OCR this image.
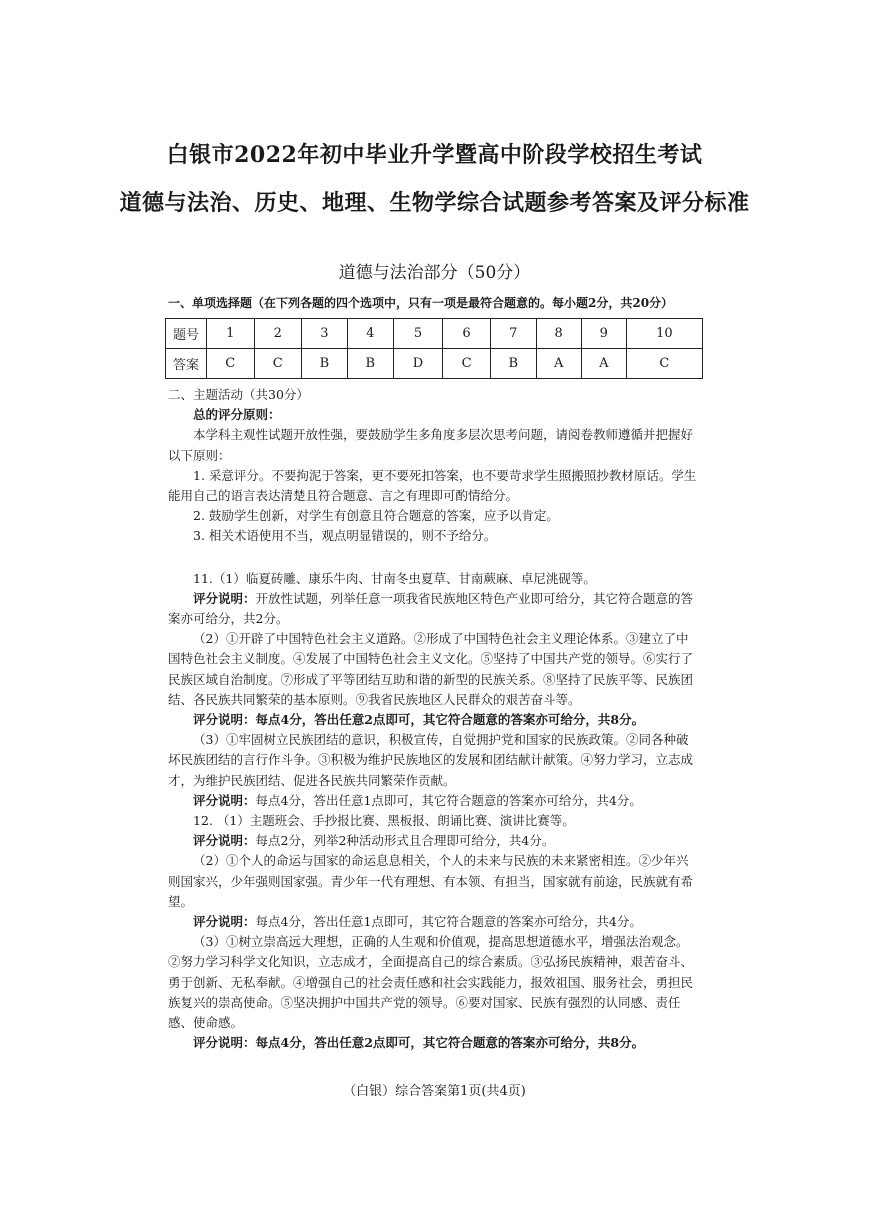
白银市2022年初中毕业升学暨高中阶段学校招生考试
道德与法治、历史、地理、生物学综合试题参考答案及评分标准
道德与法治部分（50分）
一、单项选择题（在下列各题的四个选项中，只有一项是最符合题意的。每小题2分，共20分）
题号	1	2	3	4	5	6	7	8	9	10
答案	C	C	B	B	D	C	B	A	A	C

二、主题活动（共30分）

总的评分原则：

本学科主观性试题开放性强，要鼓励学生多角度多层次思考问题，请阅卷教师遵循并把握好以下原则：

1. 采意评分。不要拘泥于答案，更不要死扣答案，也不要苛求学生照搬照抄教材原话。学生能用自己的语言表达清楚且符合题意、言之有理即可酌情给分。

2. 鼓励学生创新，对学生有创意且符合题意的答案，应予以肯定。

3. 相关术语使用不当，观点明显错误的，则不予给分。

11.（1）临夏砖雕、康乐牛肉、甘南冬虫夏草、甘南蕨麻、卓尼洮砚等。

评分说明：开放性试题，列举任意一项我省民族地区特色产业即可给分，其它符合题意的答案亦可给分，共2分。

（2）①开辟了中国特色社会主义道路。②形成了中国特色社会主义理论体系。③建立了中国特色社会主义制度。④发展了中国特色社会主义文化。⑤坚持了中国共产党的领导。⑥实行了民族区域自治制度。⑦形成了平等团结互助和谐的新型的民族关系。⑧坚持了民族平等、民族团结、各民族共同繁荣的基本原则。⑨我省民族地区人民群众的艰苦奋斗等。

评分说明：每点4分，答出任意2点即可，其它符合题意的答案亦可给分，共8分。

（3）①牢固树立民族团结的意识，积极宣传，自觉拥护党和国家的民族政策。②同各种破坏民族团结的言行作斗争。③积极为维护民族地区的发展和团结献计献策。④努力学习，立志成才，为维护民族团结、促进各民族共同繁荣作贡献。

评分说明：每点4分，答出任意1点即可，其它符合题意的答案亦可给分，共4分。

12. （1）主题班会、手抄报比赛、黑板报、朗诵比赛、演讲比赛等。

评分说明：每点2分，列举2种活动形式且合理即可给分，共4分。

（2）①个人的命运与国家的命运息息相关，个人的未来与民族的未来紧密相连。②少年兴则国家兴，少年强则国家强。青少年一代有理想、有本领、有担当，国家就有前途，民族就有希望。

评分说明：每点4分，答出任意1点即可，其它符合题意的答案亦可给分，共4分。

（3）①树立崇高远大理想，正确的人生观和价值观，提高思想道德水平，增强法治观念。②努力学习科学文化知识，立志成才，全面提高自己的综合素质。③弘扬民族精神，艰苦奋斗、勇于创新、无私奉献。④增强自己的社会责任感和社会实践能力，报效祖国、服务社会，勇担民族复兴的崇高使命。⑤坚决拥护中国共产党的领导。⑥要对国家、民族有强烈的认同感、责任感、使命感。

评分说明：每点4分，答出任意2点即可，其它符合题意的答案亦可给分，共8分。

（白银）综合答案第1页(共4页)
